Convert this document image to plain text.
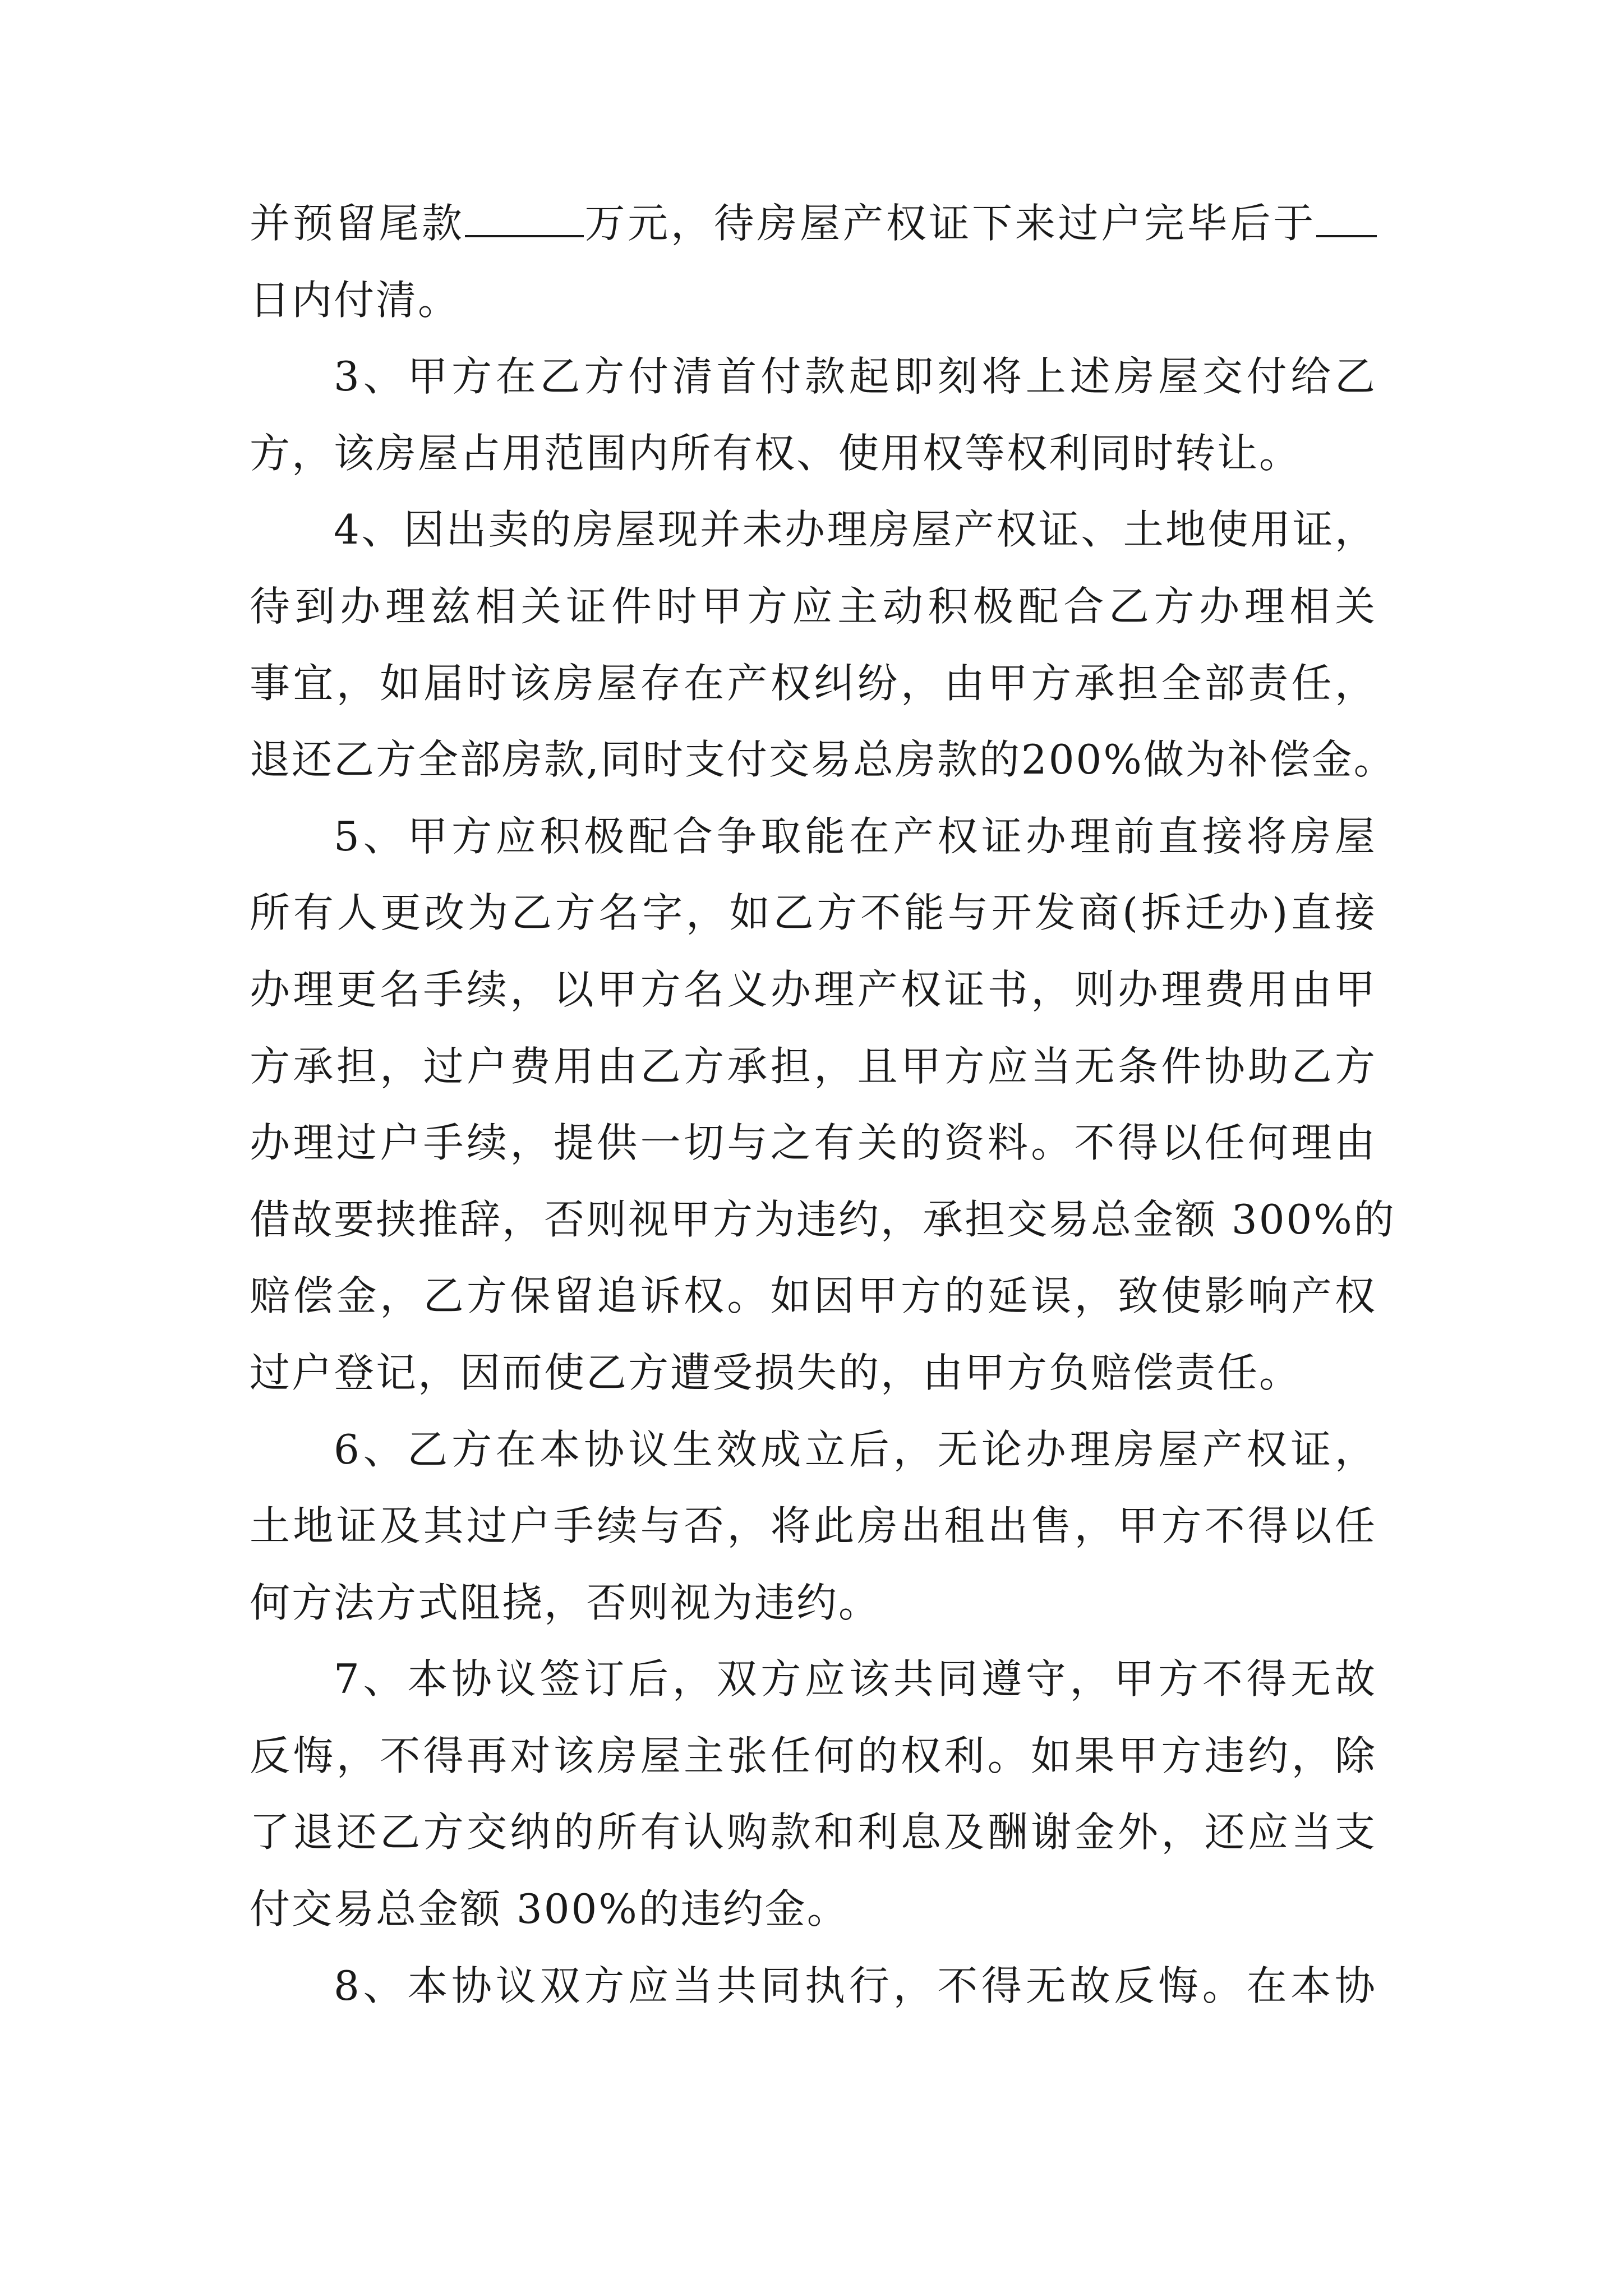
并预留尾款	万元，待房屋产权证下来过户完毕后于
日内付清。
3、甲方在乙方付清首付款起即刻将上述房屋交付给乙
方，该房屋占用范围内所有权、使用权等权利同时转让。
4、因出卖的房屋现并未办理房屋产权证、土地使用证，
待到办理兹相关证件时甲方应主动积极配合乙方办理相关
事宜，如届时该房屋存在产权纠纷，由甲方承担全部责任，
退还乙方全部房款,同时支付交易总房款的200%做为补偿金。
5、甲方应积极配合争取能在产权证办理前直接将房屋
所有人更改为乙方名字，如乙方不能与开发商(拆迁办)直接
办理更名手续，以甲方名义办理产权证书，则办理费用由甲
方承担，过户费用由乙方承担，且甲方应当无条件协助乙方
办理过户手续，提供一切与之有关的资料。不得以任何理由
借故要挟推辞，否则视甲方为违约，承担交易总金额 300%的
赔偿金，乙方保留追诉权。如因甲方的延误，致使影响产权
过户登记，因而使乙方遭受损失的，由甲方负赔偿责任。
6、乙方在本协议生效成立后，无论办理房屋产权证，
土地证及其过户手续与否，将此房出租出售，甲方不得以任
何方法方式阻挠，否则视为违约。
7、本协议签订后，双方应该共同遵守，甲方不得无故
反悔，不得再对该房屋主张任何的权利。如果甲方违约，除
了退还乙方交纳的所有认购款和利息及酬谢金外，还应当支
付交易总金额 300%的违约金。
8、本协议双方应当共同执行，不得无故反悔。在本协
